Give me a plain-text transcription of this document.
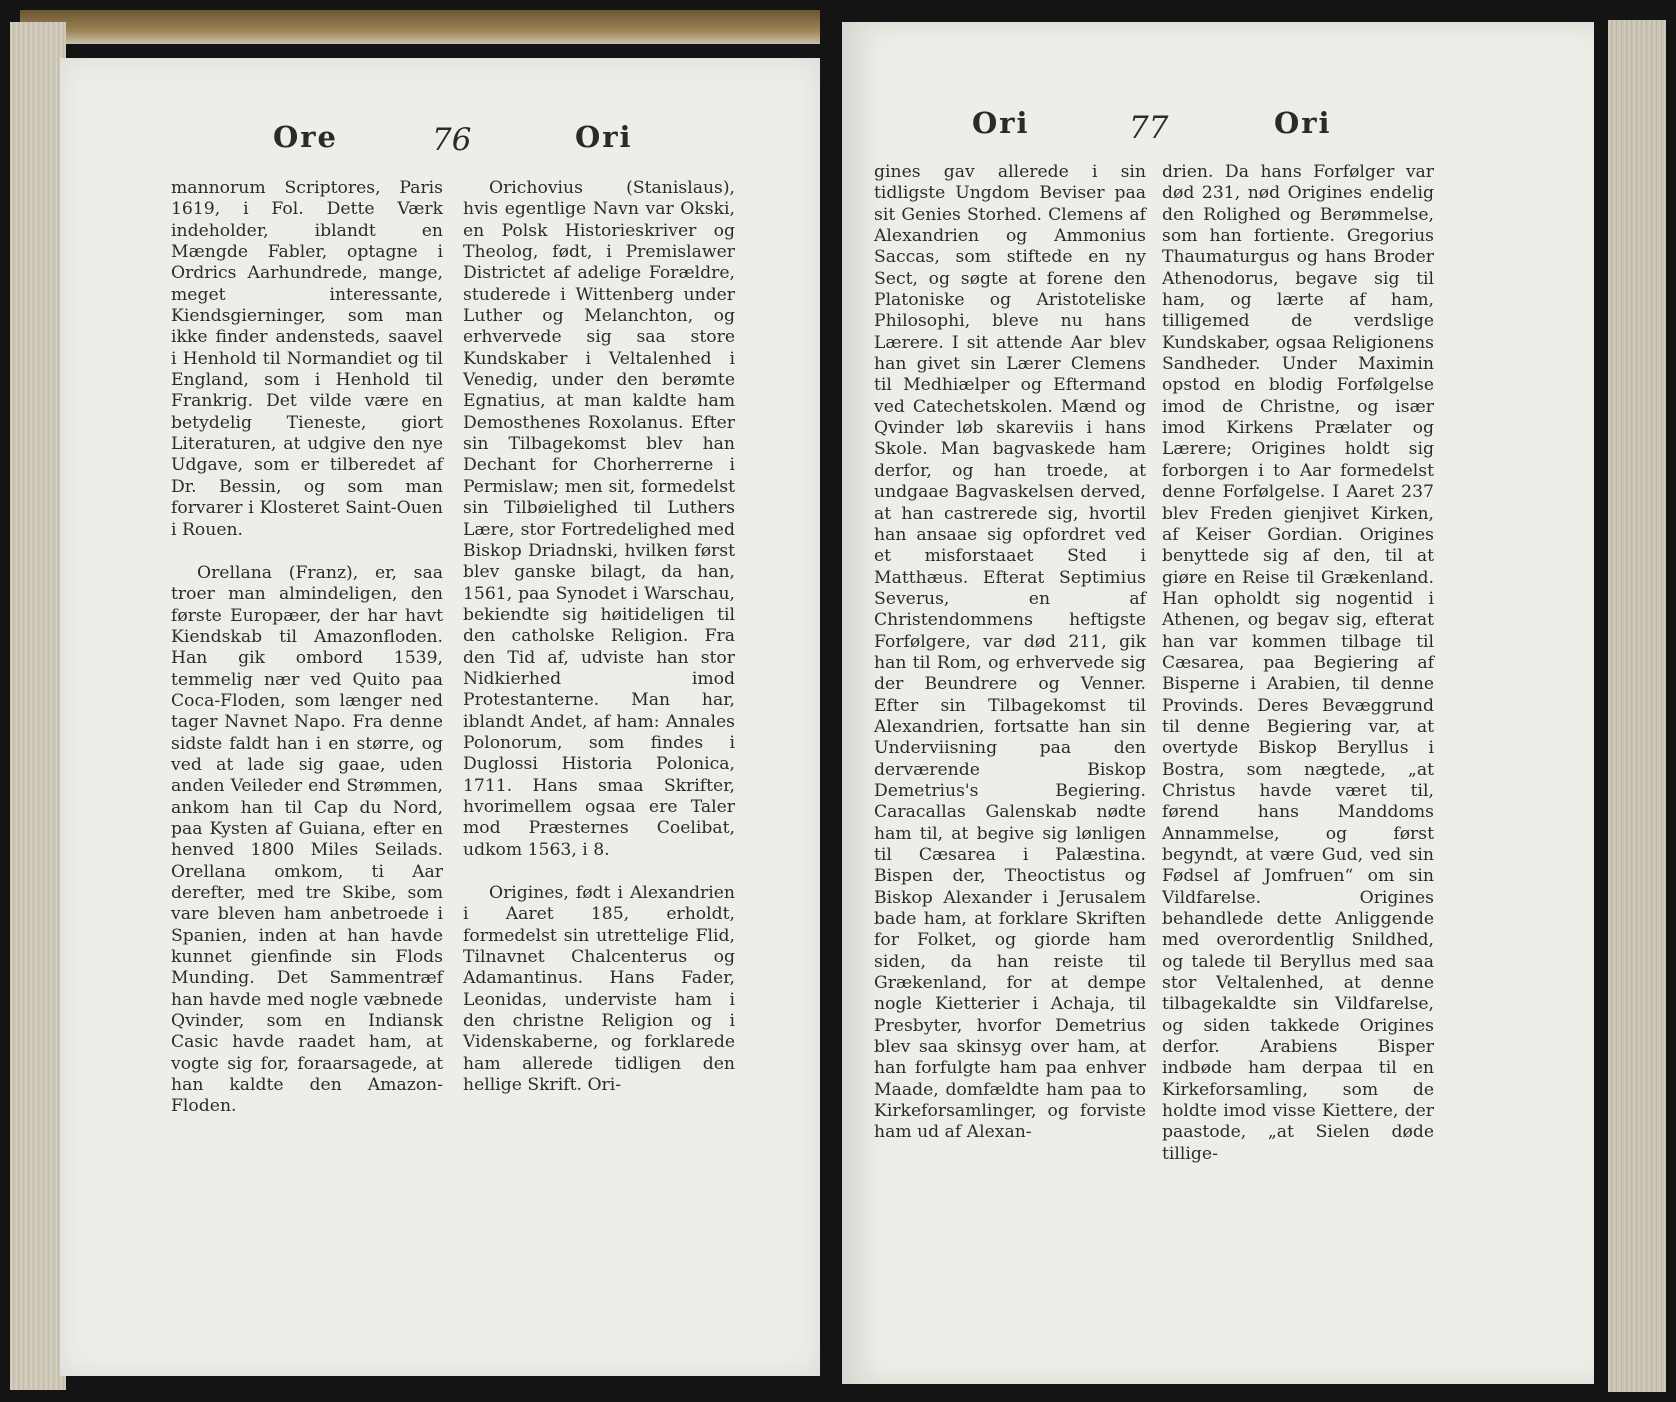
Ore	76	Ori

mannorum Scriptores, Paris 1619, i Fol. Dette Værk indeholder, iblandt en Mængde Fabler, optagne i Ordrics Aarhundrede, mange, meget interessante, Kiendsgierninger, som man ikke finder andensteds, saavel i Henhold til Normandiet og til England, som i Henhold til Frankrig. Det vilde være en betydelig Tieneste, giort Literaturen, at udgive den nye Udgave, som er tilberedet af Dr. Bessin, og som man forvarer i Klosteret Saint-Ouen i Rouen.

Orellana (Franz), er, saa troer man almindeligen, den første Europæer, der har havt Kiendskab til Amazonfloden. Han gik ombord 1539, temmelig nær ved Quito paa Coca-Floden, som længer ned tager Navnet Napo. Fra denne sidste faldt han i en større, og ved at lade sig gaae, uden anden Veileder end Strømmen, ankom han til Cap du Nord, paa Kysten af Guiana, efter en henved 1800 Miles Seilads. Orellana omkom, ti Aar derefter, med tre Skibe, som vare bleven ham anbetroede i Spanien, inden at han havde kunnet gienfinde sin Flods Munding. Det Sammentræf han havde med nogle væbnede Qvinder, som en Indiansk Casic havde raadet ham, at vogte sig for, foraarsagede, at han kaldte den Amazon-Floden.

Orichovius (Stanislaus), hvis egentlige Navn var Okski, en Polsk Historieskriver og Theolog, født, i Premislawer Districtet af adelige Forældre, studerede i Wittenberg under Luther og Melanchton, og erhvervede sig saa store Kundskaber i Veltalenhed i Venedig, under den berømte Egnatius, at man kaldte ham Demosthenes Roxolanus. Efter sin Tilbagekomst blev han Dechant for Chorherrerne i Permislaw; men sit, formedelst sin Tilbøielighed til Luthers Lære, stor Fortredelighed med Biskop Driadnski, hvilken først blev ganske bilagt, da han, 1561, paa Synodet i Warschau, bekiendte sig høitideligen til den catholske Religion. Fra den Tid af, udviste han stor Nidkierhed imod Protestanterne. Man har, iblandt Andet, af ham: Annales Polonorum, som findes i Duglossi Historia Polonica, 1711. Hans smaa Skrifter, hvorimellem ogsaa ere Taler mod Præsternes Coelibat, udkom 1563, i 8.

Origines, født i Alexandrien i Aaret 185, erholdt, formedelst sin utrettelige Flid, Tilnavnet Chalcenterus og Adamantinus. Hans Fader, Leonidas, underviste ham i den christne Religion og i Videnskaberne, og forklarede ham allerede tidligen den hellige Skrift. Ori-

Ori	77	Ori

gines gav allerede i sin tidligste Ungdom Beviser paa sit Genies Storhed. Clemens af Alexandrien og Ammonius Saccas, som stiftede en ny Sect, og søgte at forene den Platoniske og Aristoteliske Philosophi, bleve nu hans Lærere. I sit attende Aar blev han givet sin Lærer Clemens til Medhiælper og Eftermand ved Catechetskolen. Mænd og Qvinder løb skareviis i hans Skole. Man bagvaskede ham derfor, og han troede, at undgaae Bagvaskelsen derved, at han castrerede sig, hvortil han ansaae sig opfordret ved et misforstaaet Sted i Matthæus. Efterat Septimius Severus, en af Christendommens heftigste Forfølgere, var død 211, gik han til Rom, og erhvervede sig der Beundrere og Venner. Efter sin Tilbagekomst til Alexandrien, fortsatte han sin Underviisning paa den derværende Biskop Demetrius's Begiering. Caracallas Galenskab nødte ham til, at begive sig lønligen til Cæsarea i Palæstina. Bispen der, Theoctistus og Biskop Alexander i Jerusalem bade ham, at forklare Skriften for Folket, og giorde ham siden, da han reiste til Grækenland, for at dempe nogle Kietterier i Achaja, til Presbyter, hvorfor Demetrius blev saa skinsyg over ham, at han forfulgte ham paa enhver Maade, domfældte ham paa to Kirkeforsamlinger, og forviste ham ud af Alexan-

drien. Da hans Forfølger var død 231, nød Origines endelig den Rolighed og Berømmelse, som han fortiente. Gregorius Thaumaturgus og hans Broder Athenodorus, begave sig til ham, og lærte af ham, tilligemed de verdslige Kundskaber, ogsaa Religionens Sandheder. Under Maximin opstod en blodig Forfølgelse imod de Christne, og især imod Kirkens Prælater og Lærere; Origines holdt sig forborgen i to Aar formedelst denne Forfølgelse. I Aaret 237 blev Freden gienjivet Kirken, af Keiser Gordian. Origines benyttede sig af den, til at giøre en Reise til Grækenland. Han opholdt sig nogentid i Athenen, og begav sig, efterat han var kommen tilbage til Cæsarea, paa Begiering af Bisperne i Arabien, til denne Provinds. Deres Bevæggrund til denne Begiering var, at overtyde Biskop Beryllus i Bostra, som nægtede, „at Christus havde været til, førend hans Manddoms Annammelse, og først begyndt, at være Gud, ved sin Fødsel af Jomfruen“ om sin Vildfarelse. Origines behandlede dette Anliggende med overordentlig Snildhed, og talede til Beryllus med saa stor Veltalenhed, at denne tilbagekaldte sin Vildfarelse, og siden takkede Origines derfor. Arabiens Bisper indbøde ham derpaa til en Kirkeforsamling, som de holdte imod visse Kiettere, der paastode, „at Sielen døde tillige-
